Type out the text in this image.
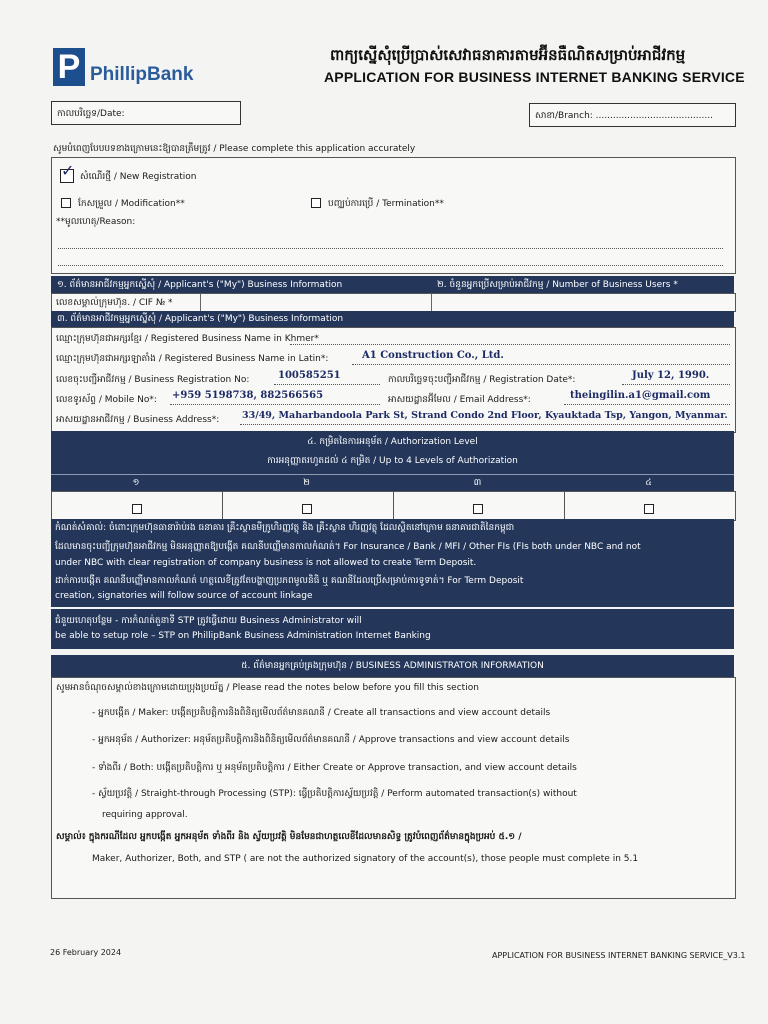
P PhillipBank
ពាក្យស្នើសុំប្រើប្រាស់សេវាធនាគារតាមអ៊ីនធឺណិតសម្រាប់អាជីវកម្ម
APPLICATION FOR BUSINESS INTERNET BANKING SERVICE
កាលបរិច្ឆេទ/Date:	សាខា/Branch: .........................................
សូមបំពេញបែបបទខាងក្រោមនេះឱ្យបានត្រឹមត្រូវ / Please complete this application accurately
✓ សំណើរថ្មី / New Registration
កែសម្រួល / Modification**	បញ្ឈប់ការប្រើ / Termination**
**មូលហេតុ/Reason:
១. ព័ត៌មានអាជីវកម្មអ្នកស្នើសុំ / Applicant's ("My") Business Information	២. ចំនួនអ្នកប្រើសម្រាប់អាជីវកម្ម / Number of Business Users *
លេខសម្គាល់ក្រុមហ៊ុន. / CIF № *
៣. ព័ត៌មានអាជីវកម្មអ្នកស្នើសុំ / Applicant's ("My") Business Information
ឈ្មោះក្រុមហ៊ុនជាអក្សរខ្មែរ / Registered Business Name in Khmer*
ឈ្មោះក្រុមហ៊ុនជាអក្សរឡាតាំង / Registered Business Name in Latin*:	A1 Construction Co., Ltd.
លេខចុះបញ្ជីអាជីវកម្ម / Business Registration No:	100585251	កាលបរិច្ឆេទចុះបញ្ជីអាជីវកម្ម / Registration Date*:	July 12, 1990.
លេខទូរស័ព្ទ / Mobile No*: +959 5198738, 882566565	អាសយដ្ឋានអ៊ីមែល / Email Address*:	theingilin.a1@gmail.com
អាសយដ្ឋានអាជីវកម្ម / Business Address*: 33/49, Maharbandoola Park St, Strand Condo 2nd Floor, Kyauktada Tsp, Yangon, Myanmar.
៤. កម្រិតនៃការអនុម័ត / Authorization Level
ការអនុញ្ញាតរហូតដល់ ៤ កម្រិត / Up to 4 Levels of Authorization
១	២	៣	៤
កំណត់សំគាល់: ចំពោះក្រុមហ៊ុនធានារ៉ាប់រង ធនាគារ គ្រឹះស្ថានមីក្រូហិរញ្ញវត្ថុ និង គ្រឹះស្ថាន ហិរញ្ញវត្ថុ ដែលស្ថិតនៅក្រោម ធនាគារជាតិនៃកម្ពុជា
ដែលមានចុះបញ្ជីក្រុមហ៊ុនអាជីវកម្ម មិនអនុញ្ញាតឱ្យបង្កើត គណនីបញ្ញើមានកាលកំណត់។ For Insurance / Bank / MFI / Other FIs (FIs both under NBC and not
under NBC with clear registration of company business is not allowed to create Term Deposit.
ដាក់ការបង្កើត គណនីបញ្ញើមានកាលកំណត់ ហត្ថលេខីត្រូវតែបង្ហាញប្រភពមូលនិធិ ឬ គណនីដែលប្រើសម្រាប់ការទូទាត់។ For Term Deposit
creation, signatories will follow source of account linkage
ជំនួយហេតុបន្ថែម - ការកំណត់តួនាទី STP ត្រូវធ្វើដោយ Business Administrator will
be able to setup role – STP on PhillipBank Business Administration Internet Banking
៥. ព័ត៌មានអ្នកគ្រប់គ្រងក្រុមហ៊ុន / BUSINESS ADMINISTRATOR INFORMATION
សូមអានចំណុចសម្គាល់ខាងក្រោមដោយប្រុងប្រយ័ត្ន / Please read the notes below before you fill this section
- អ្នកបង្កើត / Maker: បង្កើតប្រតិបត្តិការនិងពិនិត្យមើលព័ត៌មានគណនី / Create all transactions and view account details
- អ្នកអនុម័ត / Authorizer: អនុម័តប្រតិបត្តិការនិងពិនិត្យមើលព័ត៌មានគណនី / Approve transactions and view account details
- ទាំងពីរ / Both: បង្កើតប្រតិបត្តិការ ឬ អនុម័តប្រតិបត្តិការ / Either Create or Approve transaction, and view account details
- ស្វ័យប្រវត្តិ / Straight-through Processing (STP): ធ្វើប្រតិបត្តិការស្វ័យប្រវត្តិ / Perform automated transaction(s) without
requiring approval.
សម្គាល់៖ ក្នុងករណីដែល អ្នកបង្កើត អ្នកអនុម័ត ទាំងពីរ និង ស្វ័យប្រវត្តិ មិនមែនជាហត្ថលេខីដែលមានសិទ្ធ ត្រូវបំពេញព័ត៌មានក្នុងប្រអប់ ៥.១ /
Maker, Authorizer, Both, and STP ( are not the authorized signatory of the account(s), those people must complete in 5.1
26 February 2024	APPLICATION FOR BUSINESS INTERNET BANKING SERVICE_V3.1
